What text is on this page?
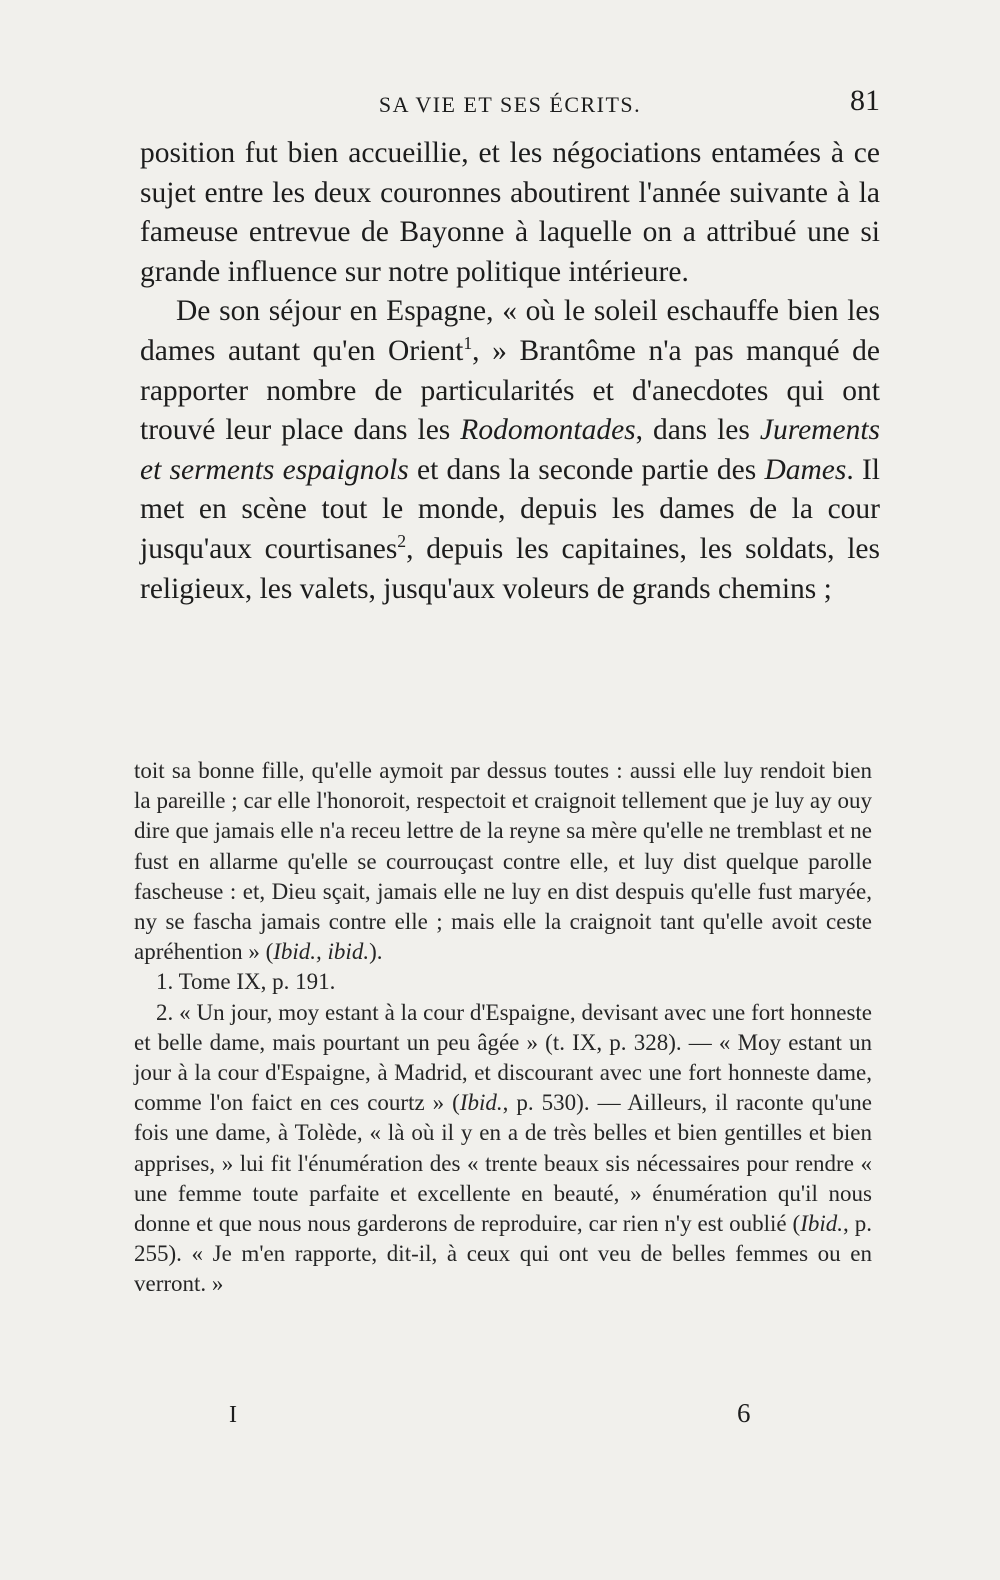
SA VIE ET SES ÉCRITS.	81

position fut bien accueillie, et les négociations entamées à ce sujet entre les deux couronnes aboutirent l'année suivante à la fameuse entrevue de Bayonne à laquelle on a attribué une si grande influence sur notre politique intérieure.

De son séjour en Espagne, « où le soleil eschauffe bien les dames autant qu'en Orient$^1$, » Brantôme n'a pas manqué de rapporter nombre de particularités et d'anecdotes qui ont trouvé leur place dans les Rodomontades, dans les Jurements et serments espaignols et dans la seconde partie des Dames. Il met en scène tout le monde, depuis les dames de la cour jusqu'aux courtisanes$^2$, depuis les capitaines, les soldats, les religieux, les valets, jusqu'aux voleurs de grands chemins ;

toit sa bonne fille, qu'elle aymoit par dessus toutes : aussi elle luy rendoit bien la pareille ; car elle l'honoroit, respectoit et craignoit tellement que je luy ay ouy dire que jamais elle n'a receu lettre de la reyne sa mère qu'elle ne tremblast et ne fust en allarme qu'elle se courrouçast contre elle, et luy dist quelque parolle fascheuse : et, Dieu sçait, jamais elle ne luy en dist despuis qu'elle fust maryée, ny se fascha jamais contre elle ; mais elle la craignoit tant qu'elle avoit ceste apréhention » (Ibid., ibid.).

1. Tome IX, p. 191.

2. « Un jour, moy estant à la cour d'Espaigne, devisant avec une fort honneste et belle dame, mais pourtant un peu âgée » (t. IX, p. 328). — « Moy estant un jour à la cour d'Espaigne, à Madrid, et discourant avec une fort honneste dame, comme l'on faict en ces courtz » (Ibid., p. 530). — Ailleurs, il raconte qu'une fois une dame, à Tolède, « là où il y en a de très belles et bien gentilles et bien apprises, » lui fit l'énumération des « trente beaux sis nécessaires pour rendre « une femme toute parfaite et excellente en beauté, » énumération qu'il nous donne et que nous nous garderons de reproduire, car rien n'y est oublié (Ibid., p. 255). « Je m'en rapporte, dit-il, à ceux qui ont veu de belles femmes ou en verront. »

I	6
